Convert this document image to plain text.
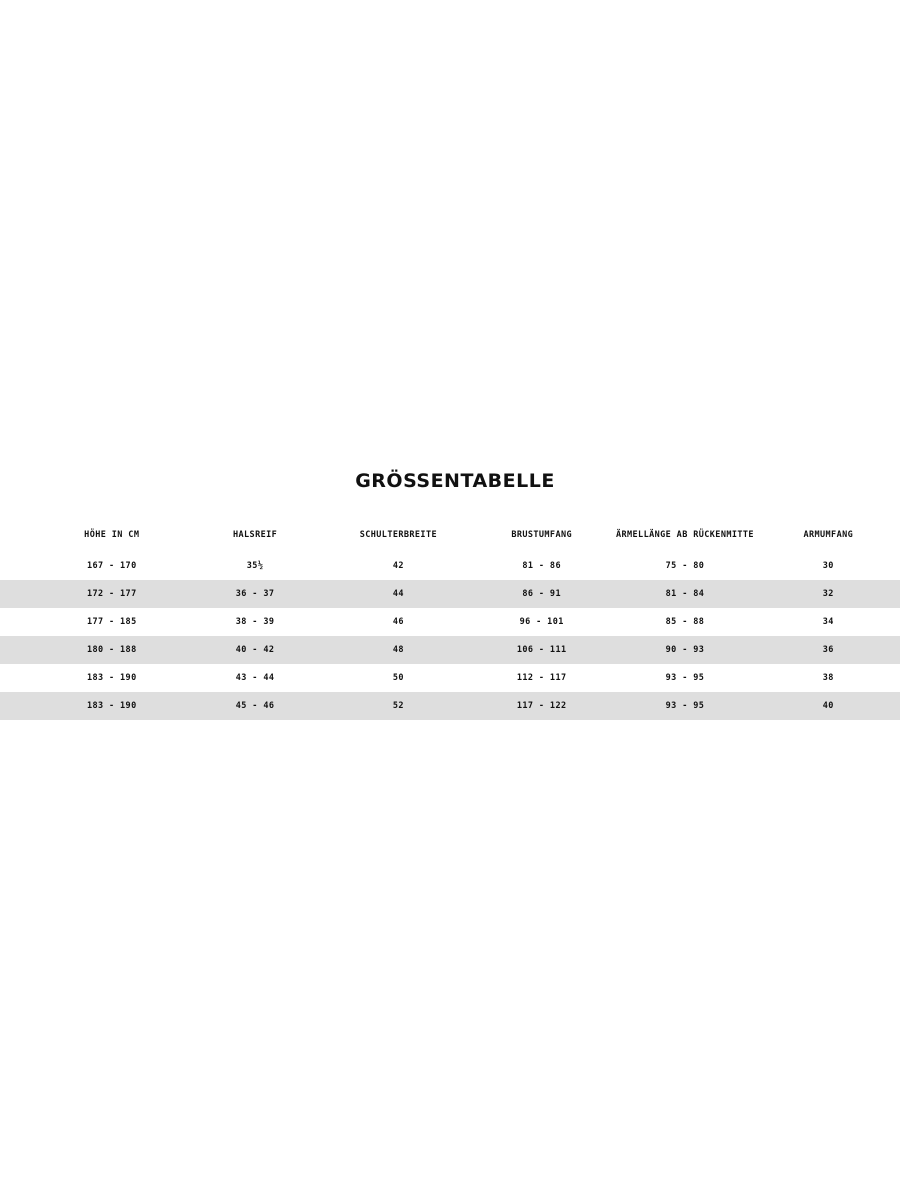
GRÖSSENTABELLE
	HÖHE IN CM	HALSREIF	SCHULTERBREITE	BRUSTUMFANG	ÄRMELLÄNGE AB RÜCKENMITTE	ARMUMFANG
	167 - 170	35½	42	81 - 86	75 - 80	30
	172 - 177	36 - 37	44	86 - 91	81 - 84	32
	177 - 185	38 - 39	46	96 - 101	85 - 88	34
	180 - 188	40 - 42	48	106 - 111	90 - 93	36
	183 - 190	43 - 44	50	112 - 117	93 - 95	38
	183 - 190	45 - 46	52	117 - 122	93 - 95	40
